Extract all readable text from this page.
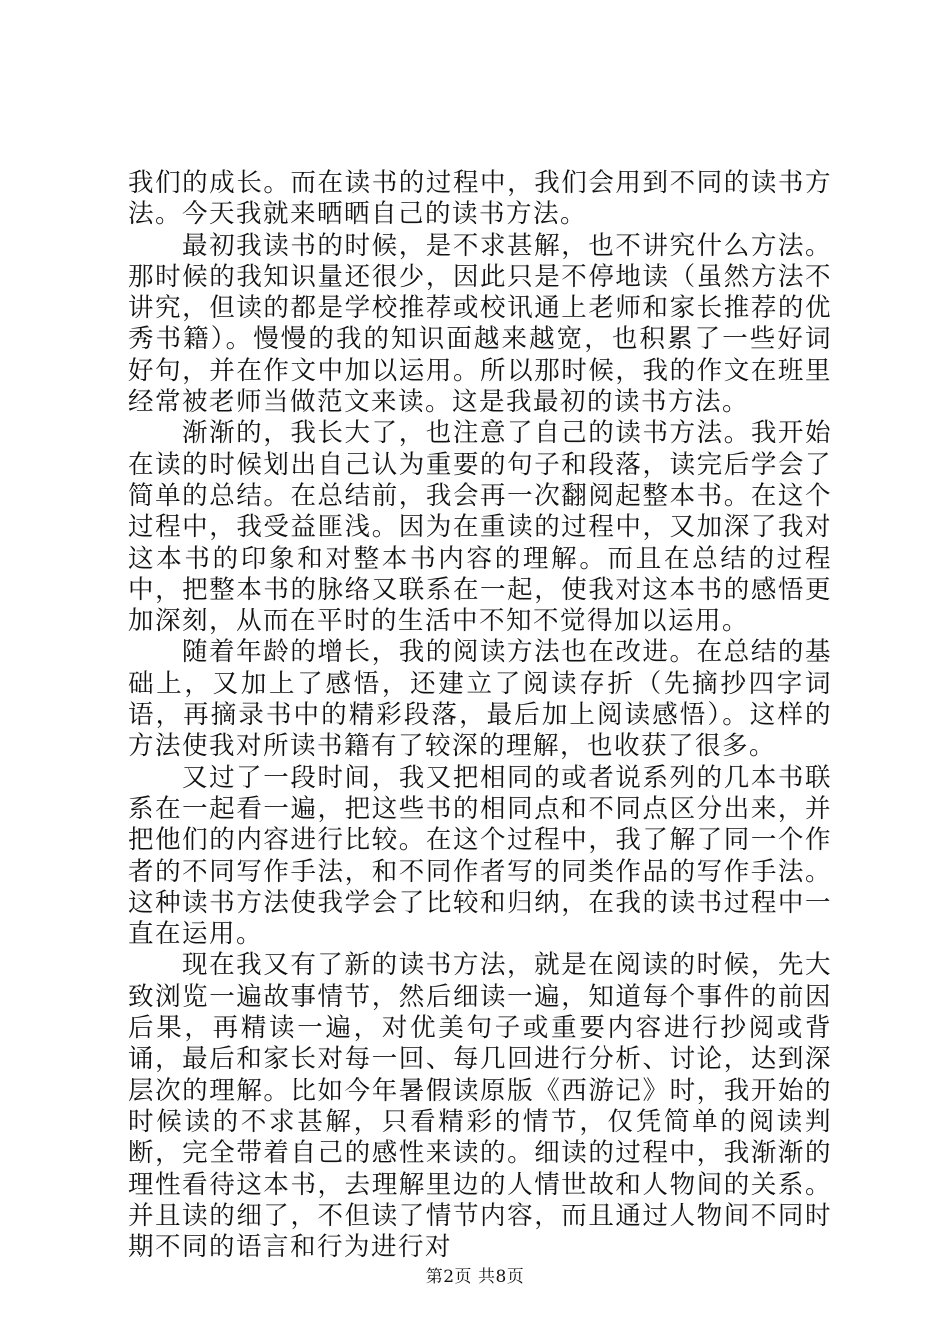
我们的成长。而在读书的过程中，我们会用到不同的读书方法。今天我就来晒晒自己的读书方法。

最初我读书的时候，是不求甚解，也不讲究什么方法。那时候的我知识量还很少，因此只是不停地读（虽然方法不讲究，但读的都是学校推荐或校讯通上老师和家长推荐的优秀书籍）。慢慢的我的知识面越来越宽，也积累了一些好词好句，并在作文中加以运用。所以那时候，我的作文在班里经常被老师当做范文来读。这是我最初的读书方法。

渐渐的，我长大了，也注意了自己的读书方法。我开始在读的时候划出自己认为重要的句子和段落，读完后学会了简单的总结。在总结前，我会再一次翻阅起整本书。在这个过程中，我受益匪浅。因为在重读的过程中，又加深了我对这本书的印象和对整本书内容的理解。而且在总结的过程中，把整本书的脉络又联系在一起，使我对这本书的感悟更加深刻，从而在平时的生活中不知不觉得加以运用。

随着年龄的增长，我的阅读方法也在改进。在总结的基础上，又加上了感悟，还建立了阅读存折（先摘抄四字词语，再摘录书中的精彩段落，最后加上阅读感悟）。这样的方法使我对所读书籍有了较深的理解，也收获了很多。

又过了一段时间，我又把相同的或者说系列的几本书联系在一起看一遍，把这些书的相同点和不同点区分出来，并把他们的内容进行比较。在这个过程中，我了解了同一个作者的不同写作手法，和不同作者写的同类作品的写作手法。这种读书方法使我学会了比较和归纳，在我的读书过程中一直在运用。

现在我又有了新的读书方法，就是在阅读的时候，先大致浏览一遍故事情节，然后细读一遍，知道每个事件的前因后果，再精读一遍，对优美句子或重要内容进行抄阅或背诵，最后和家长对每一回、每几回进行分析、讨论，达到深层次的理解。比如今年暑假读原版《西游记》时，我开始的时候读的不求甚解，只看精彩的情节，仅凭简单的阅读判断，完全带着自己的感性来读的。细读的过程中，我渐渐的理性看待这本书，去理解里边的人情世故和人物间的关系。并且读的细了，不但读了情节内容，而且通过人物间不同时期不同的语言和行为进行对

第2页 共8页
